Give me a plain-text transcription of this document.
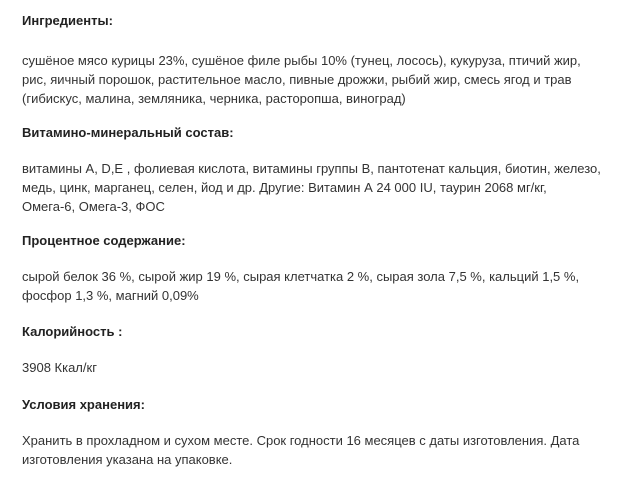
Ингредиенты:
сушёное мясо курицы 23%, сушёное филе рыбы 10% (тунец, лосось), кукуруза, птичий жир,
рис, яичный порошок, растительное масло, пивные дрожжи, рыбий жир, смесь ягод и трав
(гибискус, малина, земляника, черника, расторопша, виноград)
Витамино-минеральный состав:
витамины A, D,E , фолиевая кислота, витамины группы B, пантотенат кальция, биотин, железо,
медь, цинк, марганец, селен, йод и др. Другие: Витамин А 24 000 IU, таурин 2068 мг/кг,
Омега-6, Омега-3, ФОС
Процентное содержание:
сырой белок 36 %, сырой жир 19 %, сырая клетчатка 2 %, сырая зола 7,5 %, кальций 1,5 %,
фосфор 1,3 %, магний 0,09%
Калорийность :
3908 Ккал/кг
Условия хранения:
Хранить в прохладном и сухом месте. Срок годности 16 месяцев с даты изготовления. Дата
изготовления указана на упаковке.
